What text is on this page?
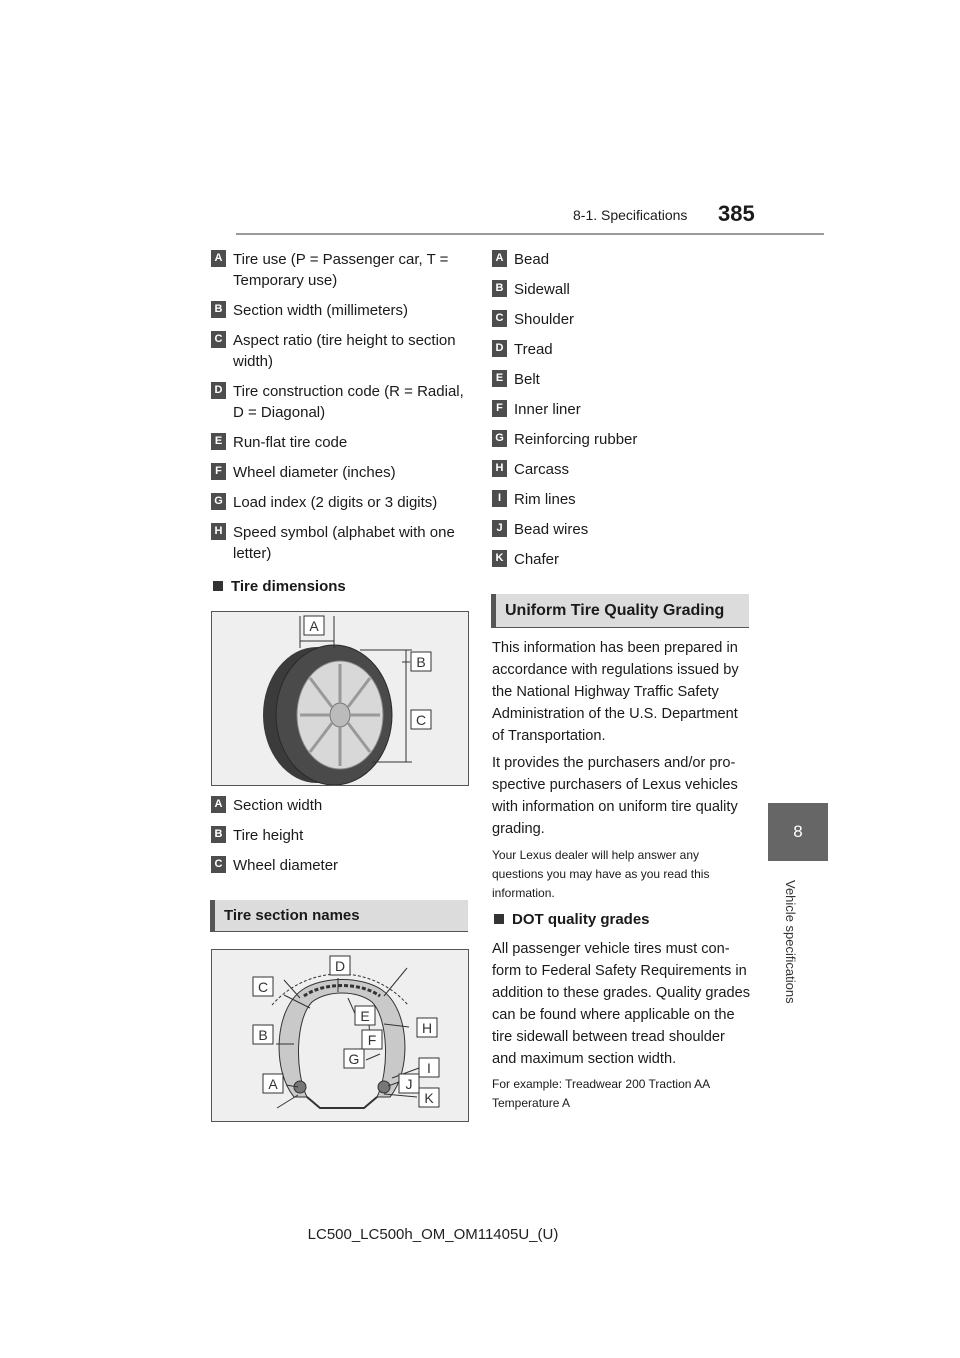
8-1. Specifications 385
8
Vehicle specifications
A Tire use (P = Passenger car, T = Temporary use)
B Section width (millimeters)
C Aspect ratio (tire height to section width)
D Tire construction code (R = Radial, D = Diagonal)
E Run-flat tire code
F Wheel diameter (inches)
G Load index (2 digits or 3 digits)
H Speed symbol (alphabet with one letter)
Tire dimensions
A
B
C
A Section width
B Tire height
C Wheel diameter
Tire section names
A
B
C
D
E
F
G
H
I
J
K
A Bead
B Sidewall
C Shoulder
D Tread
E Belt
F Inner liner
G Reinforcing rubber
H Carcass
I Rim lines
J Bead wires
K Chafer
Uniform Tire Quality Grading

This information has been prepared in accordance with regulations issued by the National Highway Traffic Safety Administration of the U.S. Department of Transportation.

It provides the purchasers and/or pro-spective purchasers of Lexus vehicles with information on uniform tire quality grading.

Your Lexus dealer will help answer any questions you may have as you read this information.

DOT quality grades

All passenger vehicle tires must con-form to Federal Safety Requirements in addition to these grades. Quality grades can be found where applicable on the tire sidewall between tread shoulder and maximum section width.

For example: Treadwear 200 Traction AA Temperature A

LC500_LC500h_OM_OM11405U_(U)
